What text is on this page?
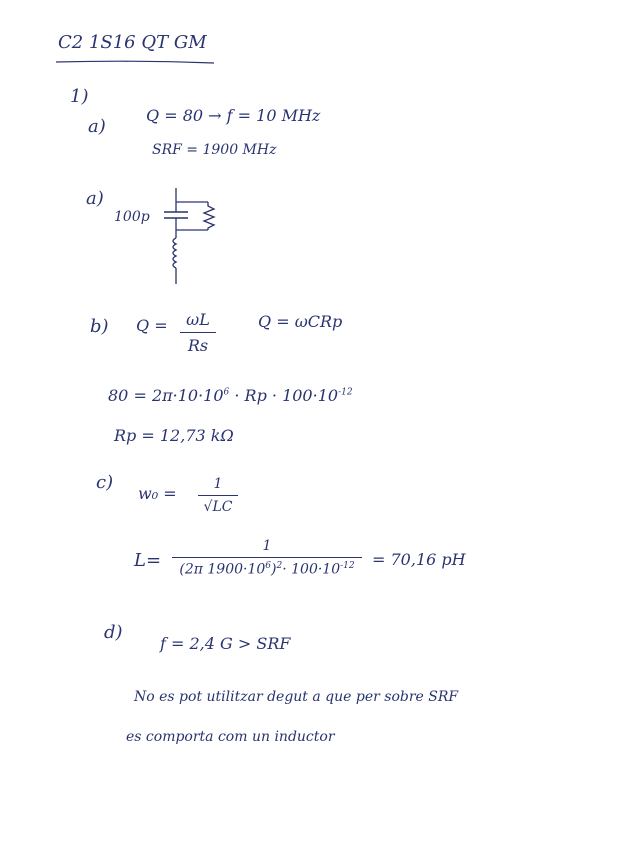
C2 1S16 QT GM
1)
a)
Q = 80 → f = 10 MHz
SRF = 1900 MHz
a)
100p
b) Q =	ωL
Rs
Q = ωCRp
$80 = 2\pi\cdot 10\cdot 10^6 \cdot Rp \cdot 100\cdot 10^{-12}$
Rp = 12,73 kΩ
c)
w₀ =	1
√LC
L=
1
(2π $1900\cdot 10^6)^2\cdot 100\cdot 10^{-12}$	= 70,16 pH
d)
f = 2,4 G > SRF
No es pot utilitzar degut a que per sobre SRF
es comporta com un inductor
